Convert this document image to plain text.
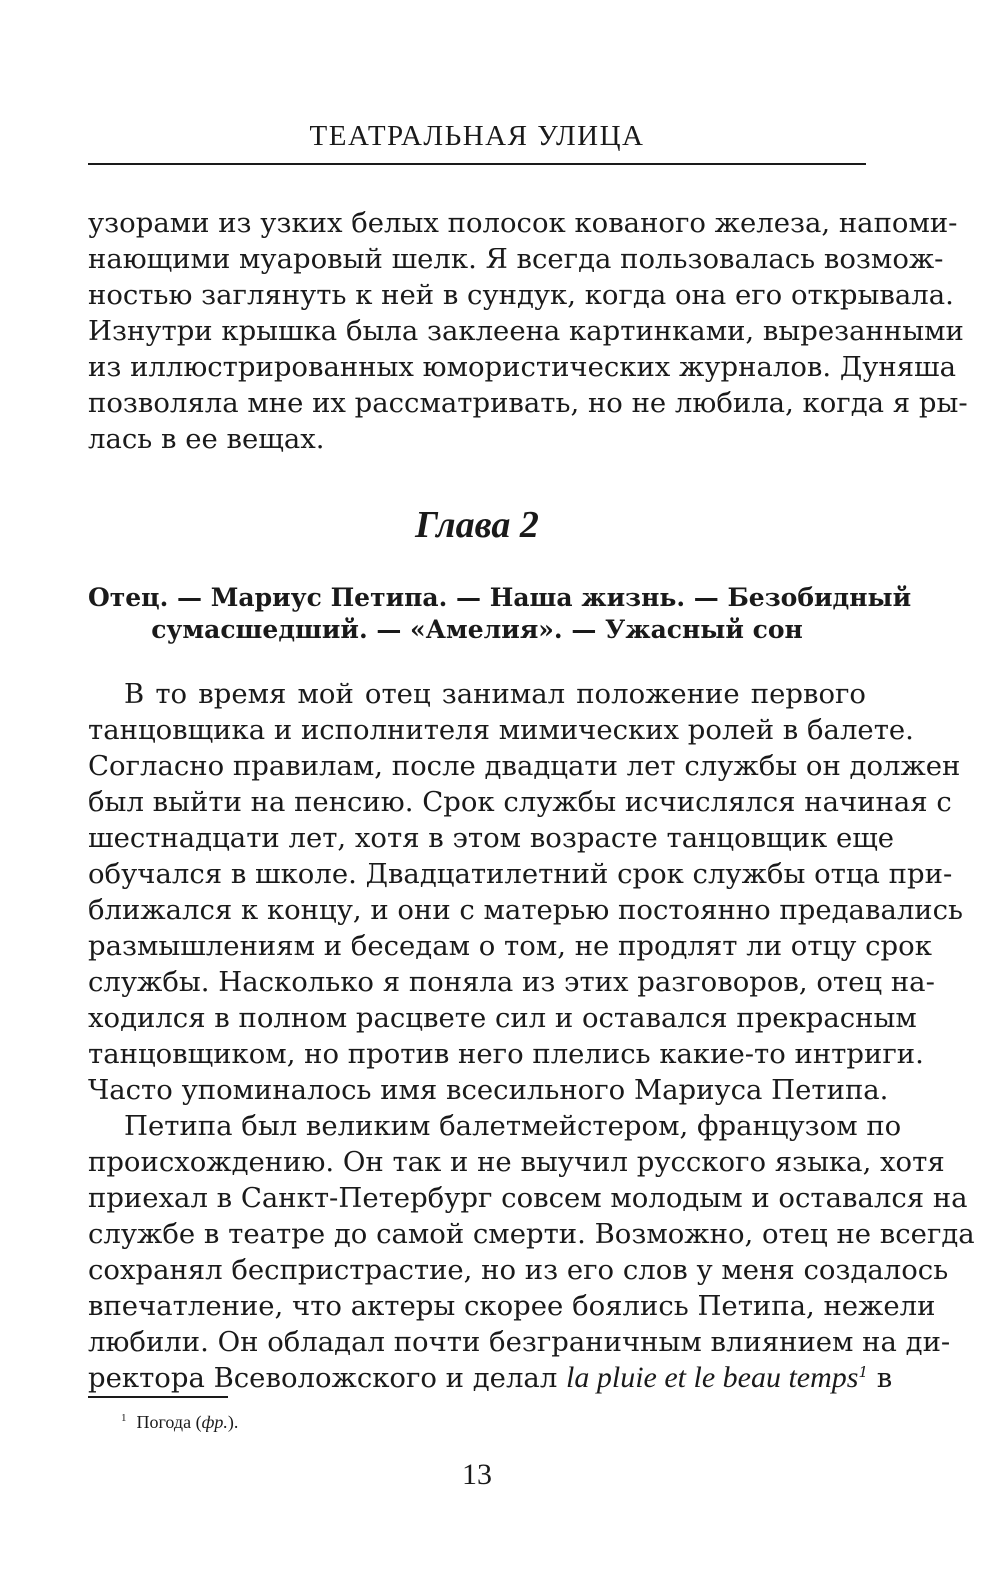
ТЕАТРАЛЬНАЯ УЛИЦА
узорами из узких белых полосок кованого железа, напоми-
нающими муаровый шелк. Я всегда пользовалась возмож-
ностью заглянуть к ней в сундук, когда она его открывала.
Изнутри крышка была заклеена картинками, вырезанными
из иллюстрированных юмористических журналов. Дуняша
позволяла мне их рассматривать, но не любила, когда я ры-
лась в ее вещах.
Глава 2
Отец. — Мариус Петипа. — Наша жизнь. — Безобидный
сумасшедший. — «Амелия». — Ужасный сон
В то время мой отец занимал положение первого
танцовщика и исполнителя мимических ролей в балете.
Согласно правилам, после двадцати лет службы он должен
был выйти на пенсию. Срок службы исчислялся начиная с
шестнадцати лет, хотя в этом возрасте танцовщик еще
обучался в школе. Двадцатилетний срок службы отца при-
ближался к концу, и они с матерью постоянно предавались
размышлениям и беседам о том, не продлят ли отцу срок
службы. Насколько я поняла из этих разговоров, отец на-
ходился в полном расцвете сил и оставался прекрасным
танцовщиком, но против него плелись какие-то интриги.
Часто упоминалось имя всесильного Мариуса Петипа.
Петипа был великим балетмейстером, французом по
происхождению. Он так и не выучил русского языка, хотя
приехал в Санкт-Петербург совсем молодым и оставался на
службе в театре до самой смерти. Возможно, отец не всегда
сохранял беспристрастие, но из его слов у меня создалось
впечатление, что актеры скорее боялись Петипа, нежели
любили. Он обладал почти безграничным влиянием на ди-
ректора Всеволожского и делал la pluie et le beau temps$^1$ в
$^1$ Погода (фр.).
13
